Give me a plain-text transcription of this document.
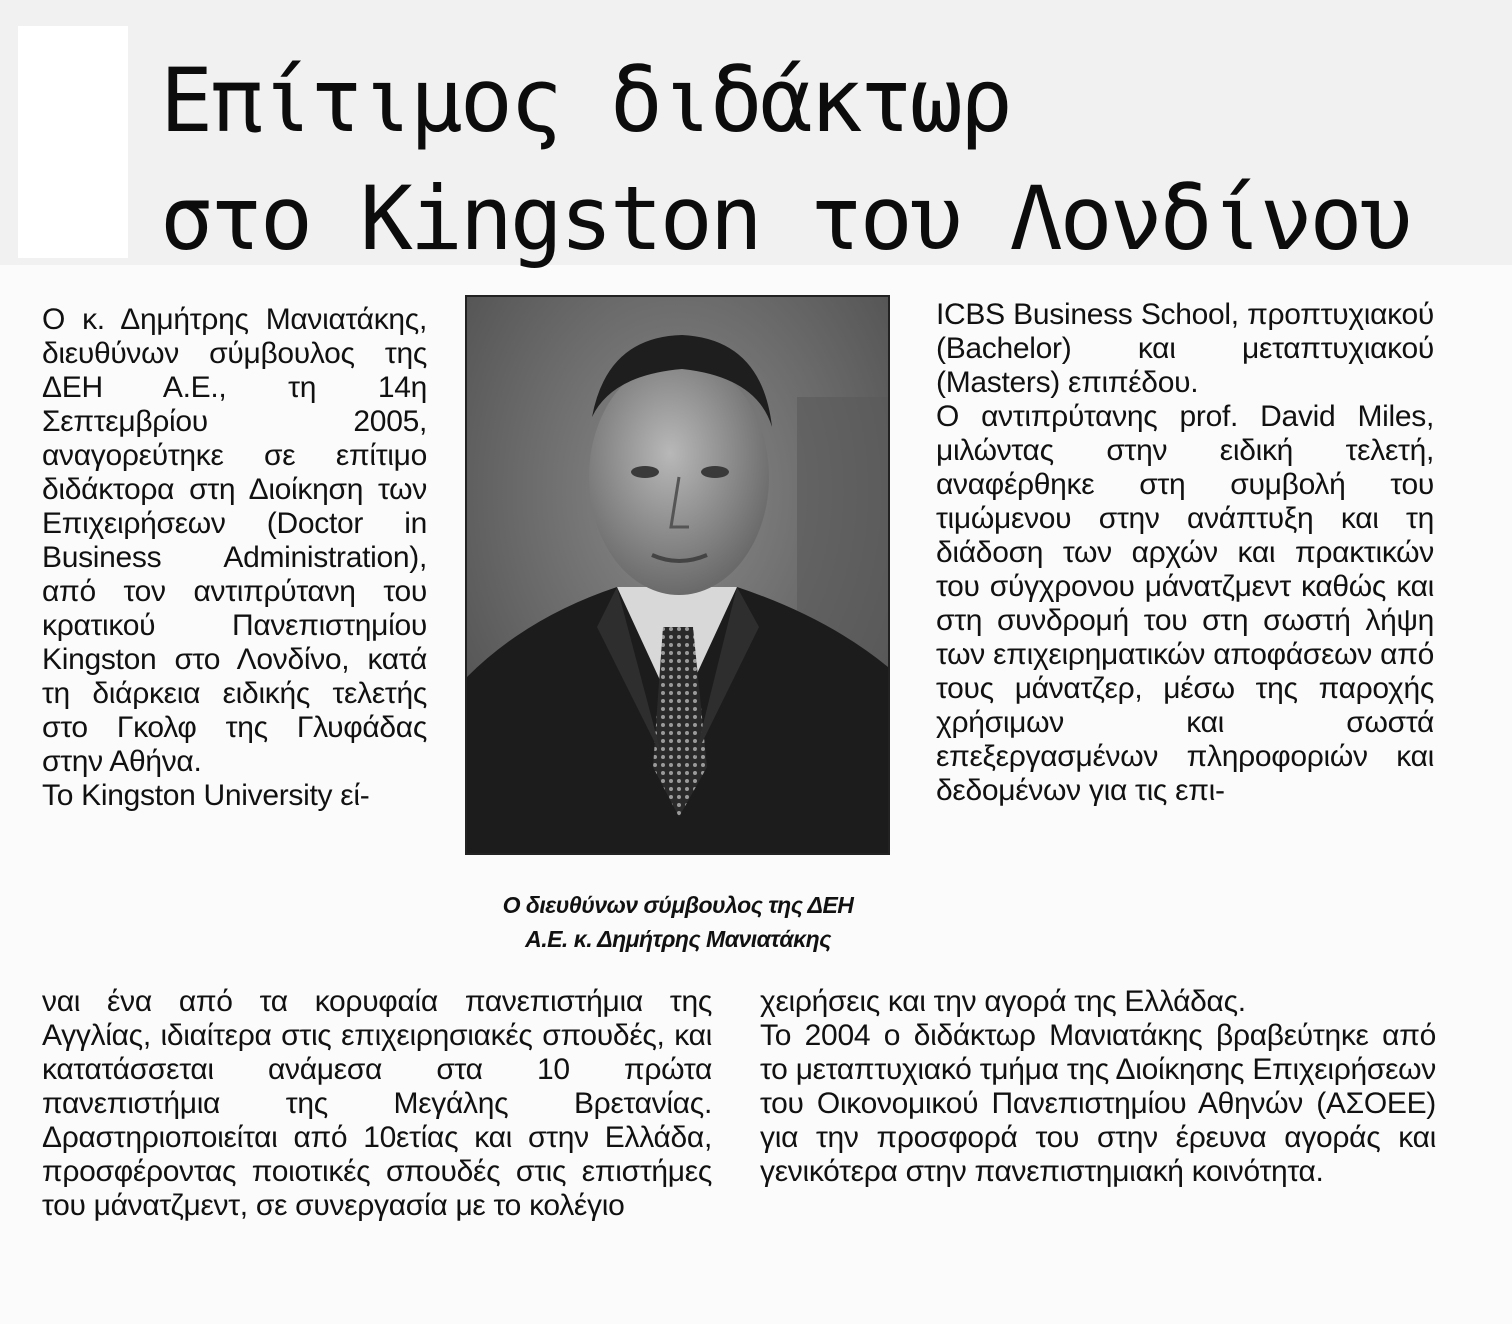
Επίτιμος διδάκτωρ
στο Kingston του Λονδίνου

Ο κ. Δημήτρης Μανιατάκης, διευθύνων σύμβουλος της ΔΕΗ Α.Ε., τη 14η Σεπτεμβρίου 2005, αναγορεύτηκε σε επίτιμο διδάκτορα στη Διοίκηση των Επιχειρήσεων (Doctor in Business Administration), από τον αντιπρύτανη του κρατικού Πανεπιστημίου Kingston στο Λονδίνο, κατά τη διάρκεια ειδικής τελετής στο Γκολφ της Γλυφάδας στην Αθήνα.

Το Kingston University εί-

Ο διευθύνων σύμβουλος της ΔΕΗ
Α.Ε. κ. Δημήτρης Μανιατάκης

ICBS Business School, προπτυχιακού (Bachelor) και μεταπτυχιακού (Masters) επιπέδου.

Ο αντιπρύτανης prof. David Miles, μιλώντας στην ειδική τελετή, αναφέρθηκε στη συμβολή του τιμώμενου στην ανάπτυξη και τη διάδοση των αρχών και πρακτικών του σύγχρονου μάνατζμεντ καθώς και στη συνδρομή του στη σωστή λήψη των επιχειρηματικών αποφάσεων από τους μάνατζερ, μέσω της παροχής χρήσιμων και σωστά επεξεργασμένων πληροφοριών και δεδομένων για τις επι-

ναι ένα από τα κορυφαία πανεπιστήμια της Αγγλίας, ιδιαίτερα στις επιχειρησιακές σπουδές, και κατατάσσεται ανάμεσα στα 10 πρώτα πανεπιστήμια της Μεγάλης Βρετανίας. Δραστηριοποιείται από 10ετίας και στην Ελλάδα, προσφέροντας ποιοτικές σπουδές στις επιστήμες του μάνατζμεντ, σε συνεργασία με το κολέγιο

χειρήσεις και την αγορά της Ελλάδας.

Το 2004 ο διδάκτωρ Μανιατάκης βραβεύτηκε από το μεταπτυχιακό τμήμα της Διοίκησης Επιχειρήσεων του Οικονομικού Πανεπιστημίου Αθηνών (ΑΣΟΕΕ) για την προσφορά του στην έρευνα αγοράς και γενικότερα στην πανεπιστημιακή κοινότητα.
